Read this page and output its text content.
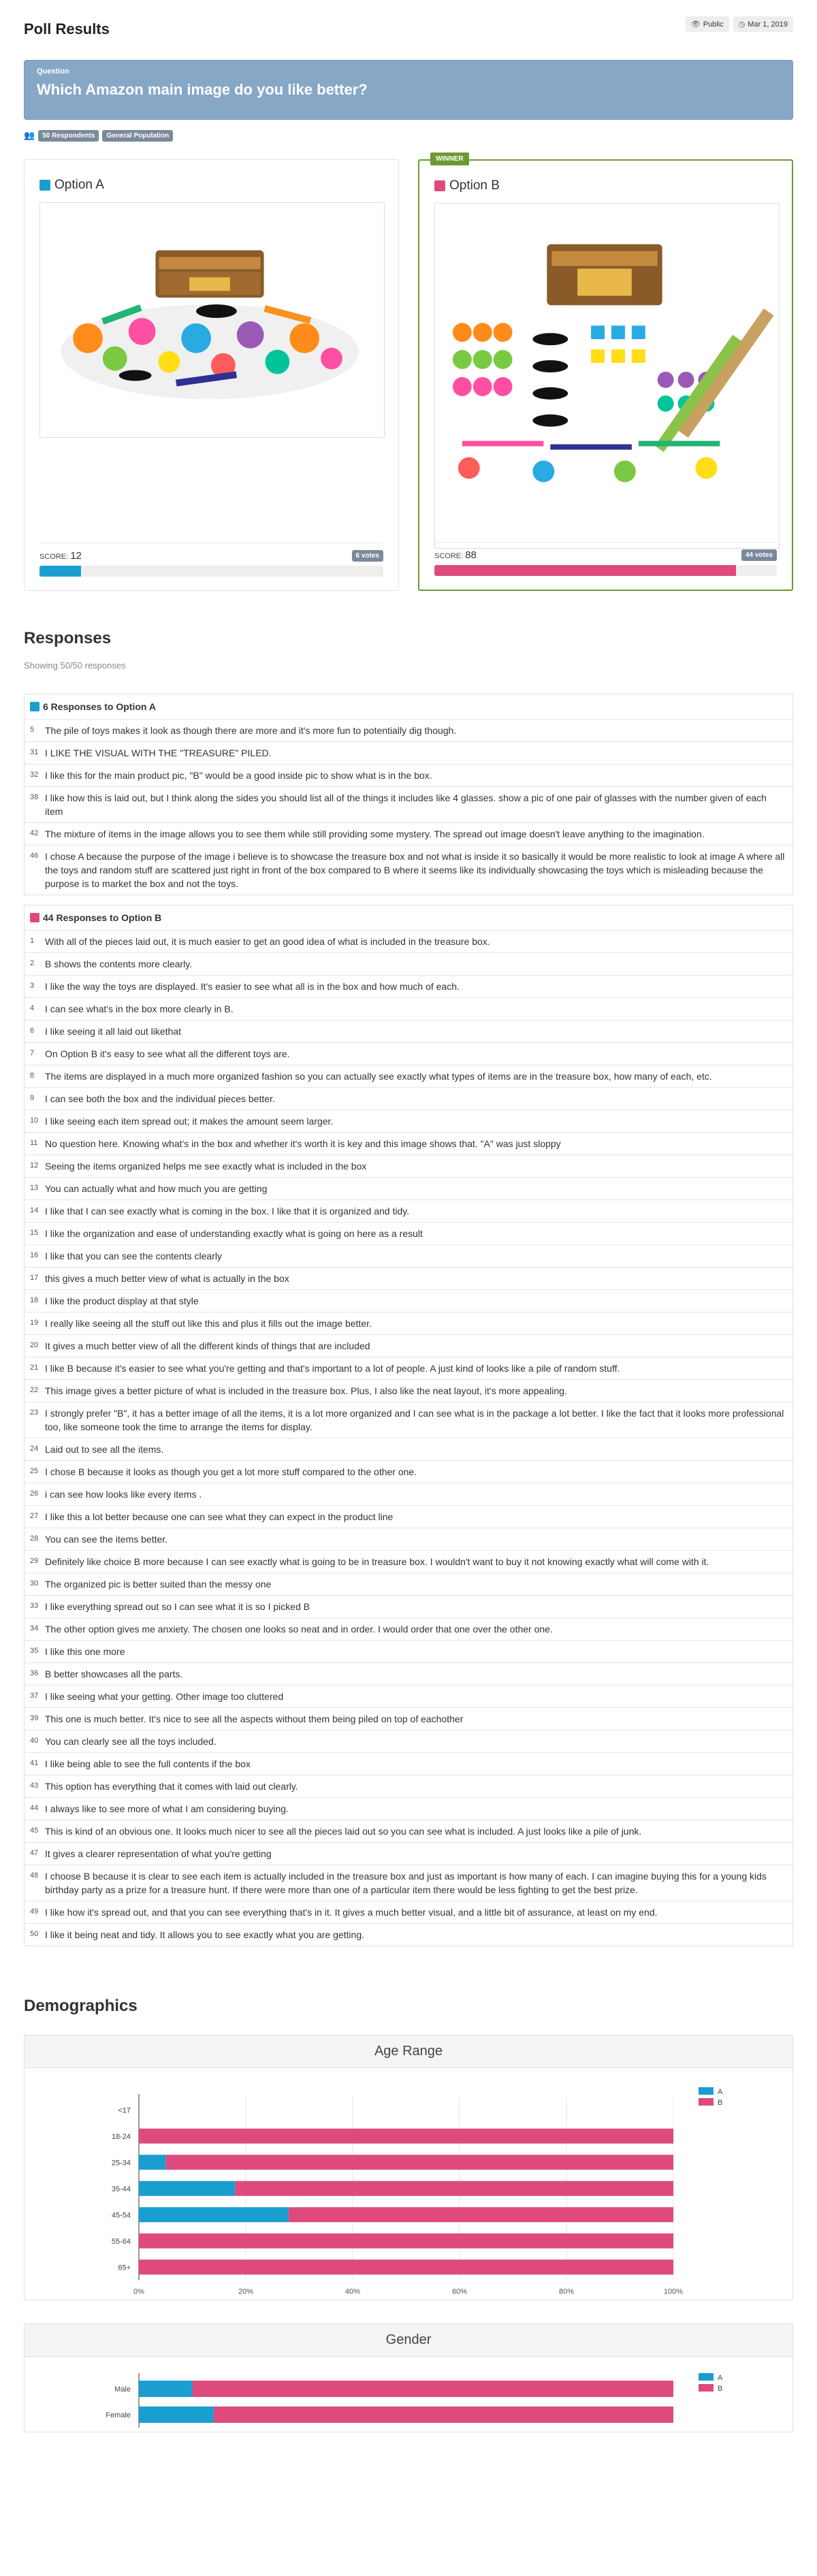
Poll Results	👁 Public ◷ Mar 1, 2019
Question
Which Amazon main image do you like better?
👥	50 Respondents	General Population
Option A
SCORE: 12	6 votes
WINNER
Option B
SCORE: 88	44 votes
Responses
Showing 50/50 responses
6 Responses to Option A
5	The pile of toys makes it look as though there are more and it's more fun to potentially dig though.
31 I LIKE THE VISUAL WITH THE "TREASURE" PILED.
32 I like this for the main product pic, "B" would be a good inside pic to show what is in the box.
38 I like how this is laid out, but I think along the sides you should list all of the things it includes like 4 glasses. show a pic of one pair of glasses with the number given of each item
42 The mixture of items in the image allows you to see them while still providing some mystery. The spread out image doesn't leave anything to the imagination.
46 I chose A because the purpose of the image i believe is to showcase the treasure box and not what is inside it so basically it would be more realistic to look at image A where all the toys and random stuff are scattered just right in front of the box compared to B where it seems like its individually showcasing the toys which is misleading because the purpose is to market the box and not the toys.
44 Responses to Option B
1	With all of the pieces laid out, it is much easier to get an good idea of what is included in the treasure box.
2	B shows the contents more clearly.
3	I like the way the toys are displayed. It's easier to see what all is in the box and how much of each.
4	I can see what's in the box more clearly in B.
6	I like seeing it all laid out likethat
7	On Option B it's easy to see what all the different toys are.
8	The items are displayed in a much more organized fashion so you can actually see exactly what types of items are in the treasure box, how many of each, etc.
9	I can see both the box and the individual pieces better.
10 I like seeing each item spread out; it makes the amount seem larger.
11 No question here. Knowing what's in the box and whether it's worth it is key and this image shows that. "A" was just sloppy
12 Seeing the items organized helps me see exactly what is included in the box
13 You can actually what and how much you are getting
14 I like that I can see exactly what is coming in the box. I like that it is organized and tidy.
15 I like the organization and ease of understanding exactly what is going on here as a result
16 I like that you can see the contents clearly
17 this gives a much better view of what is actually in the box
18 I like the product display at that style
19 I really like seeing all the stuff out like this and plus it fills out the image better.
20 It gives a much better view of all the different kinds of things that are included
21 I like B because it's easier to see what you're getting and that's important to a lot of people. A just kind of looks like a pile of random stuff.
22 This image gives a better picture of what is included in the treasure box. Plus, I also like the neat layout, it's more appealing.
23 I strongly prefer "B", it has a better image of all the items, it is a lot more organized and I can see what is in the package a lot better. I like the fact that it looks more professional too, like someone took the time to arrange the items for display.
24 Laid out to see all the items.
25 I chose B because it looks as though you get a lot more stuff compared to the other one.
26 i can see how looks like every items .
27 I like this a lot better because one can see what they can expect in the product line
28 You can see the items better.
29 Definitely like choice B more because I can see exactly what is going to be in treasure box. I wouldn't want to buy it not knowing exactly what will come with it.
30 The organized pic is better suited than the messy one
33 I like everything spread out so I can see what it is so I picked B
34 The other option gives me anxiety. The chosen one looks so neat and in order. I would order that one over the other one.
35 I like this one more
36 B better showcases all the parts.
37 I like seeing what your getting. Other image too cluttered
39 This one is much better. It's nice to see all the aspects without them being piled on top of eachother
40 You can clearly see all the toys included.
41 I like being able to see the full contents if the box
43 This option has everything that it comes with laid out clearly.
44 I always like to see more of what I am considering buying.
45 This is kind of an obvious one. It looks much nicer to see all the pieces laid out so you can see what is included. A just looks like a pile of junk.
47 It gives a clearer representation of what you're getting
48 I choose B because it is clear to see each item is actually included in the treasure box and just as important is how many of each. I can imagine buying this for a young kids birthday party as a prize for a treasure hunt. If there were more than one of a particular item there would be less fighting to get the best prize.
49 I like how it's spread out, and that you can see everything that's in it. It gives a much better visual, and a little bit of assurance, at least on my end.
50 I like it being neat and tidy. It allows you to see exactly what you are getting.
Demographics
Age Range
0%	20%	40%	60%	80%	100%
<17
18-24
25-34
35-44
45-54
55-64
65+
A
B
Gender
Male
Female
A
B
